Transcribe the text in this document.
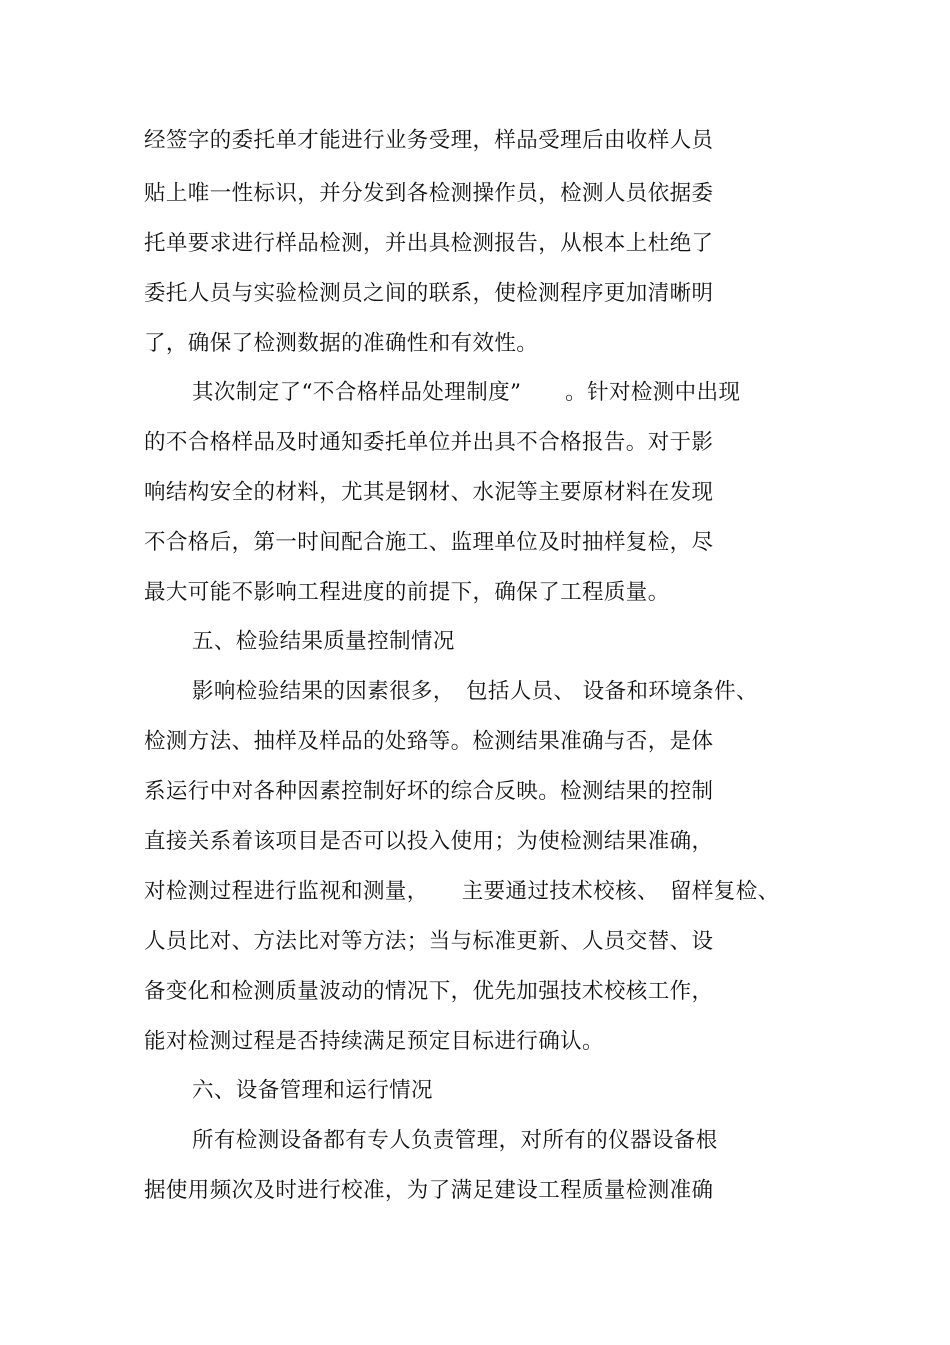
经签字的委托单才能进行业务受理，样品受理后由收样人员
贴上唯一性标识，并分发到各检测操作员，检测人员依据委
托单要求进行样品检测，并出具检测报告，从根本上杜绝了
委托人员与实验检测员之间的联系，使检测程序更加清晰明
了，确保了检测数据的准确性和有效性。
其次制定了“不合格样品处理制度”　　。针对检测中出现
的不合格样品及时通知委托单位并出具不合格报告。对于影
响结构安全的材料，尤其是钢材、水泥等主要原材料在发现
不合格后，第一时间配合施工、监理单位及时抽样复检，尽
最大可能不影响工程进度的前提下，确保了工程质量。
五、检验结果质量控制情况
影响检验结果的因素很多，　包括人员、 设备和环境条件、
检测方法、抽样及样品的处臵等。检测结果准确与否，是体
系运行中对各种因素控制好坏的综合反映。检测结果的控制
直接关系着该项目是否可以投入使用；为使检测结果准确，
对检测过程进行监视和测量，　　主要通过技术校核、　留样复检、
人员比对、方法比对等方法；当与标准更新、人员交替、设
备变化和检测质量波动的情况下，优先加强技术校核工作，
能对检测过程是否持续满足预定目标进行确认。
六、设备管理和运行情况
所有检测设备都有专人负责管理，对所有的仪器设备根
据使用频次及时进行校准，为了满足建设工程质量检测准确
